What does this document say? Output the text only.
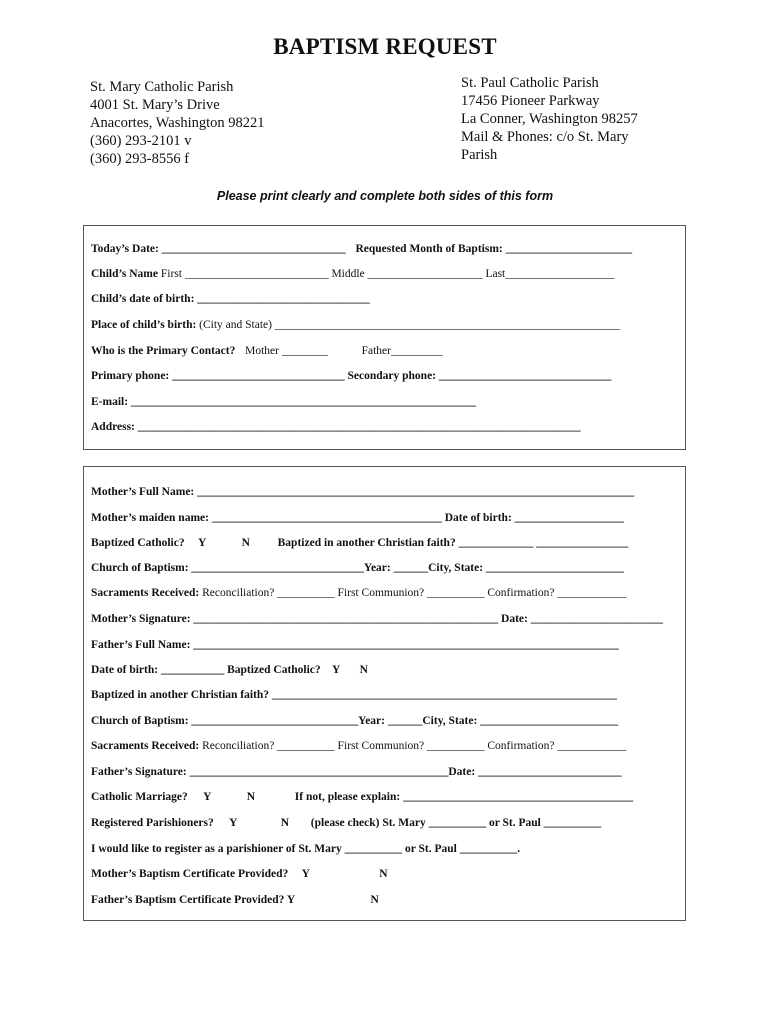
BAPTISM REQUEST
St. Mary Catholic Parish
4001 St. Mary’s Drive
Anacortes, Washington 98221
(360) 293-2101 v
(360) 293-8556 f
St. Paul Catholic Parish
17456 Pioneer Parkway
La Conner, Washington 98257
Mail & Phones: c/o St. Mary
Parish
Please print clearly and complete both sides of this form
Today’s Date: ________________________________ Requested Month of Baptism: ______________________
Child’s Name First _________________________ Middle ____________________ Last___________________
Child’s date of birth: ______________________________
Place of child’s birth: (City and State) ____________________________________________________________
Who is the Primary Contact? Mother ________	Father_________
Primary phone: ______________________________ Secondary phone: ______________________________
E-mail: ____________________________________________________________
Address: _____________________________________________________________________________
Mother’s Full Name: ____________________________________________________________________________
Mother’s maiden name: ________________________________________ Date of birth: ___________________
Baptized Catholic? Y	N Baptized in another Christian faith? _____________ ________________
Church of Baptism: ______________________________Year: ______City, State: ________________________
Sacraments Received: Reconciliation? __________ First Communion? __________ Confirmation? ____________
Mother’s Signature: _____________________________________________________ Date: _______________________
Father’s Full Name: __________________________________________________________________________
Date of birth: ___________ Baptized Catholic? Y N
Baptized in another Christian faith? ____________________________________________________________
Church of Baptism: _____________________________Year: ______City, State: ________________________
Sacraments Received: Reconciliation? __________ First Communion? __________ Confirmation? ____________
Father’s Signature: _____________________________________________Date: _________________________
Catholic Marriage? Y	N	If not, please explain: ________________________________________
Registered Parishioners? Y	N (please check) St. Mary __________ or St. Paul __________
I would like to register as a parishioner of St. Mary __________ or St. Paul __________.
Mother’s Baptism Certificate Provided? Y	N
Father’s Baptism Certificate Provided? Y	N
